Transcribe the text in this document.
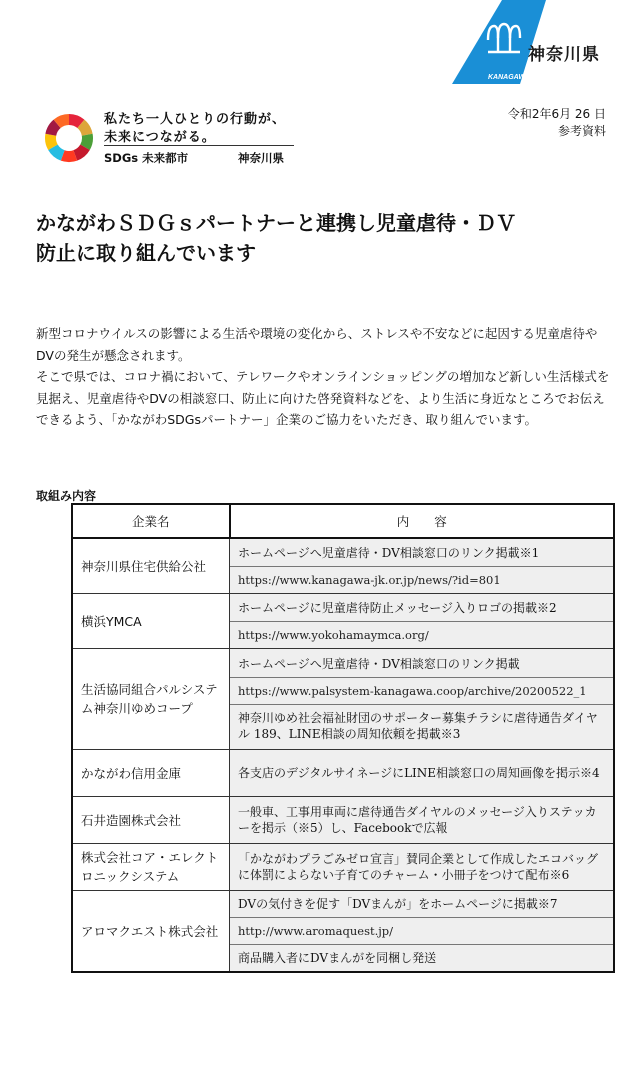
KANAGAWA
神奈川県
私たち一人ひとりの行動が、
未来につながる。
SDGs 未来都市	神奈川県
令和2年6月 26 日
参考資料
かながわＳＤＧｓパートナーと連携し児童虐待・ＤＶ
防止に取り組んでいます

新型コロナウイルスの影響による生活や環境の変化から、ストレスや不安などに起因する児童虐待やDVの発生が懸念されます。

そこで県では、コロナ禍において、テレワークやオンラインショッピングの増加など新しい生活様式を見据え、児童虐待やDVの相談窓口、防止に向けた啓発資料などを、より生活に身近なところでお伝えできるよう、「かながわSDGsパートナー」企業のご協力をいただき、取り組んでいます。

取組み内容
企業名	内　　容
神奈川県住宅供給公社	ホームページへ児童虐待・DV相談窓口のリンク掲載※1
https://www.kanagawa-jk.or.jp/news/?id=801

横浜YMCA	ホームページに児童虐待防止メッセージ入りロゴの掲載※2
https://www.yokohamaymca.org/

生活協同組合パルシステム神奈川ゆめコープ	ホームページへ児童虐待・DV相談窓口のリンク掲載
https://www.palsystem-kanagawa.coop/archive/20200522_1
神奈川ゆめ社会福祉財団のサポーター募集チラシに虐待通告ダイヤル 189、LINE相談の周知依頼を掲載※3

かながわ信用金庫	各支店のデジタルサイネージにLINE相談窓口の周知画像を掲示※4

石井造園株式会社	一般車、工事用車両に虐待通告ダイヤルのメッセージ入りステッカーを掲示（※5）し、Facebookで広報

株式会社コア・エレクトロニックシステム	「かながわプラごみゼロ宣言」賛同企業として作成したエコバッグに体罰によらない子育てのチャーム・小冊子をつけて配布※6

アロマクエスト株式会社	DVの気付きを促す「DVまんが」をホームページに掲載※7
http://www.aromaquest.jp/
商品購入者にDVまんがを同梱し発送
